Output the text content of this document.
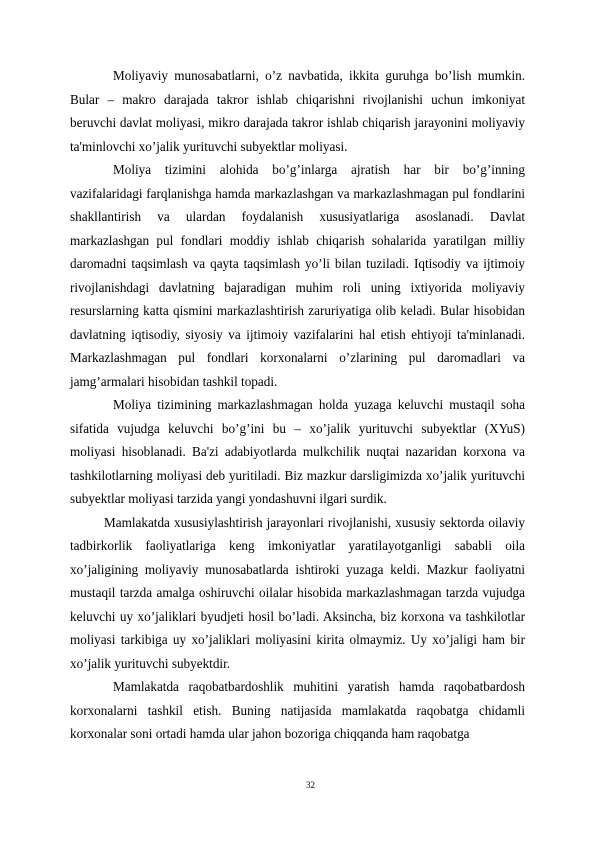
Moliyaviy munosabatlarni, o’z navbatida, ikkita guruhga bo’lish mumkin. Bular – makro darajada takror ishlab chiqarishni rivojlanishi uchun imkoniyat beruvchi davlat moliyasi, mikro darajada takror ishlab chiqarish jarayonini moliyaviy ta'minlovchi xo’jalik yurituvchi subyektlar moliyasi.

Moliya tizimini alohida bo’g’inlarga ajratish har bir bo’g’inning vazifalaridagi farqlanishga hamda markazlashgan va markazlashmagan pul fondlarini shakllantirish va ulardan foydalanish xususiyatlariga asoslanadi. Davlat markazlashgan pul fondlari moddiy ishlab chiqarish sohalarida yaratilgan milliy daromadni taqsimlash va qayta taqsimlash yo’li bilan tuziladi. Iqtisodiy va ijtimoiy rivojlanishdagi davlatning bajaradigan muhim roli uning ixtiyorida moliyaviy resurslarning katta qismini markazlashtirish zaruriyatiga olib keladi. Bular hisobidan davlatning iqtisodiy, siyosiy va ijtimoiy vazifalarini hal etish ehtiyoji ta'minlanadi. Markazlashmagan pul fondlari korxonalarni o’zlarining pul daromadlari va jamg’armalari hisobidan tashkil topadi.

Moliya tizimining markazlashmagan holda yuzaga keluvchi mustaqil soha sifatida vujudga keluvchi bo’g’ini bu – xo’jalik yurituvchi subyektlar (XYuS) moliyasi hisoblanadi. Ba'zi adabiyotlarda mulkchilik nuqtai nazaridan korxona va tashkilotlarning moliyasi deb yuritiladi. Biz mazkur darsligimizda xo’jalik yurituvchi subyektlar moliyasi tarzida yangi yondashuvni ilgari surdik.

Mamlakatda xususiylashtirish jarayonlari rivojlanishi, xususiy sektorda oilaviy tadbirkorlik faoliyatlariga keng imkoniyatlar yaratilayotganligi sababli oila xo’jaligining moliyaviy munosabatlarda ishtiroki yuzaga keldi. Mazkur faoliyatni mustaqil tarzda amalga oshiruvchi oilalar hisobida markazlashmagan tarzda vujudga keluvchi uy xo’jaliklari byudjeti hosil bo’ladi. Aksincha, biz korxona va tashkilotlar moliyasi tarkibiga uy xo’jaliklari moliyasini kirita olmaymiz. Uy xo’jaligi ham bir xo’jalik yurituvchi subyektdir.

Mamlakatda raqobatbardoshlik muhitini yaratish hamda raqobatbardosh korxonalarni tashkil etish. Buning natijasida mamlakatda raqobatga chidamli korxonalar soni ortadi hamda ular jahon bozoriga chiqqanda ham raqobatga

32
